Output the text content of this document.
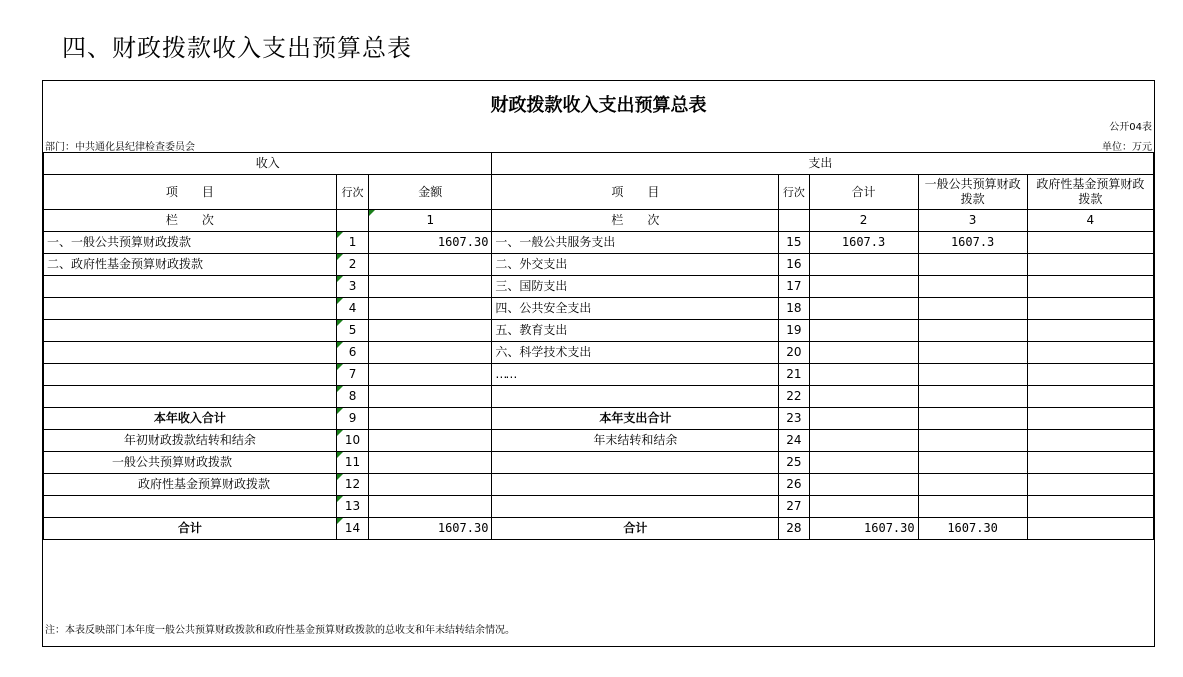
四、财政拨款收入支出预算总表
财政拨款收入支出预算总表
公开04表
部门：中共通化县纪律检查委员会	单位：万元
收入			支出				
项　　目	行次	金额	项　　目	行次	合计	一般公共预算财政拨款	政府性基金预算财政拨款
栏　　次		1	栏　　次		2	3	4
一、一般公共预算财政拨款	1	1607.30	一、一般公共服务支出	15	1607.3	1607.3	
二、政府性基金预算财政拨款	2		二、外交支出	16			
	3		三、国防支出	17			
	4		四、公共安全支出	18			
	5		五、教育支出	19			
	6		六、科学技术支出	20			
	7		……	21			
	8			22			
本年收入合计	9		本年支出合计	23			
年初财政拨款结转和结余	10		年末结转和结余	24			
一般公共预算财政拨款	11			25			
政府性基金预算财政拨款	12			26			
	13			27			
合计	14	1607.30	合计	28	1607.30	1607.30	
注：本表反映部门本年度一般公共预算财政拨款和政府性基金预算财政拨款的总收支和年末结转结余情况。
